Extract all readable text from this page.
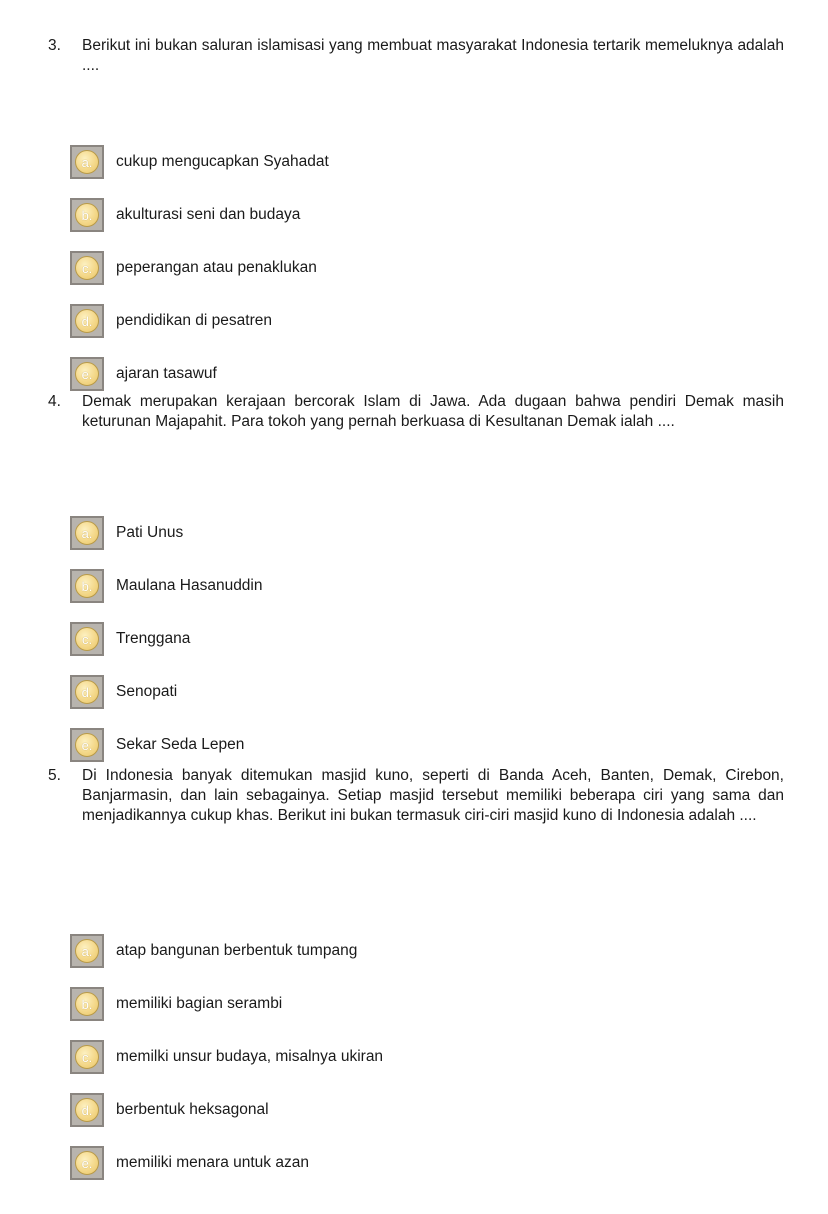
3. Berikut ini bukan saluran islamisasi yang membuat masyarakat Indonesia tertarik memeluknya adalah ....
a.	cukup mengucapkan Syahadat
b.	akulturasi seni dan budaya
c.	peperangan atau penaklukan
d.	pendidikan di pesatren
e.	ajaran tasawuf
4. Demak merupakan kerajaan bercorak Islam di Jawa. Ada dugaan bahwa pendiri Demak masih keturunan Majapahit. Para tokoh yang pernah berkuasa di Kesultanan Demak ialah ....
a.	Pati Unus
b.	Maulana Hasanuddin
c.	Trenggana
d.	Senopati
e.	Sekar Seda Lepen
5. Di Indonesia banyak ditemukan masjid kuno, seperti di Banda Aceh, Banten, Demak, Cirebon, Banjarmasin, dan lain sebagainya. Setiap masjid tersebut memiliki beberapa ciri yang sama dan menjadikannya cukup khas. Berikut ini bukan termasuk ciri-ciri masjid kuno di Indonesia adalah ....
a.	atap bangunan berbentuk tumpang
b.	memiliki bagian serambi
c.	memilki unsur budaya, misalnya ukiran
d.	berbentuk heksagonal
e.	memiliki menara untuk azan
